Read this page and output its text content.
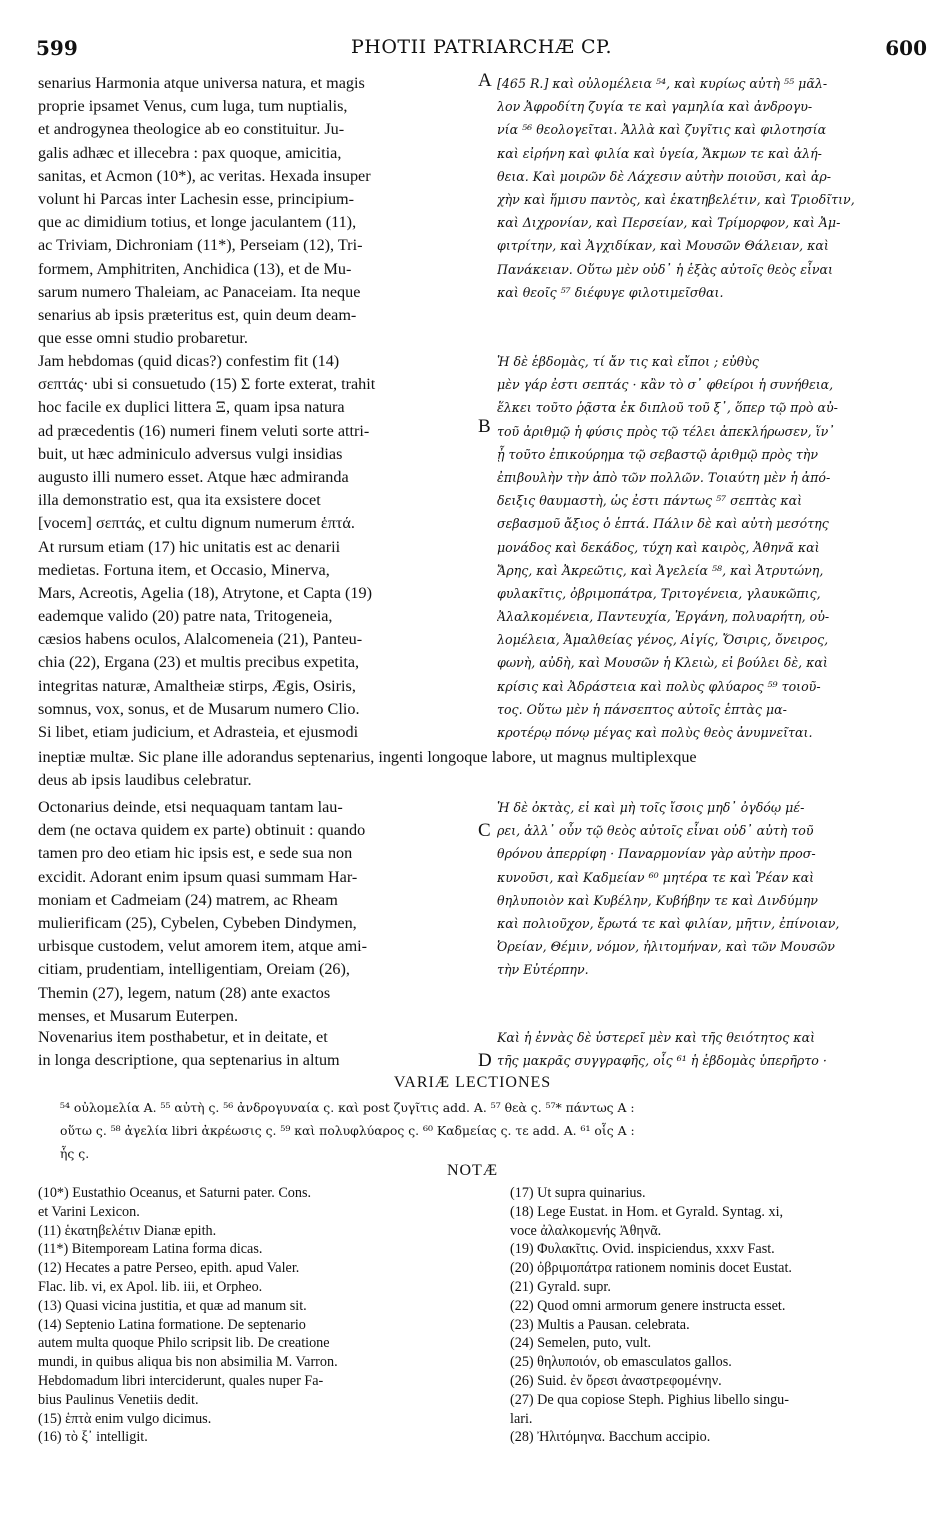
599	PHOTII PATRIARCHÆ CP.	600
A
B
C
D
senarius Harmonia atque universa natura, et magis
proprie ipsamet Venus, cum luga, tum nuptialis,
et androgynea theologice ab eo constituitur. Ju-
galis adhæc et illecebra : pax quoque, amicitia,
sanitas, et Acmon (10*), ac veritas. Hexada insuper
volunt hi Parcas inter Lachesin esse, principium-
que ac dimidium totius, et longe jaculantem (11),
ac Triviam, Dichroniam (11*), Perseiam (12), Tri-
formem, Amphitriten, Anchidica (13), et de Mu-
sarum numero Thaleiam, ac Panaceiam. Ita neque
senarius ab ipsis præteritus est, quin deum deam-
que esse omni studio probaretur.
[465 R.] καὶ οὐλομέλεια ⁵⁴, καὶ κυρίως αὐτὴ ⁵⁵ μᾶλ-
λον Ἀφροδίτη ζυγία τε καὶ γαμηλία καὶ ἀνδρογυ-
νία ⁵⁶ θεολογεῖται. Ἀλλὰ καὶ ζυγῖτις καὶ φιλοτησία
καὶ εἰρήνη καὶ φιλία καὶ ὑγεία, Ἄκμων τε καὶ ἀλή-
θεια. Καὶ μοιρῶν δὲ Λάχεσιν αὐτὴν ποιοῦσι, καὶ ἀρ-
χὴν καὶ ἥμισυ παντὸς, καὶ ἑκατηβελέτιν, καὶ Τριοδῖτιν,
καὶ Διχρονίαν, καὶ Περσείαν, καὶ Τρίμορφον, καὶ Ἀμ-
φιτρίτην, καὶ Ἀγχιδίκαν, καὶ Μουσῶν Θάλειαν, καὶ
Πανάκειαν. Οὕτω μὲν οὐδ᾽ ἡ ἑξὰς αὐτοῖς θεὸς εἶναι
καὶ θεοῖς ⁵⁷ διέφυγε φιλοτιμεῖσθαι.
Jam hebdomas (quid dicas?) confestim fit (14)
σεπτάς· ubi si consuetudo (15) Σ forte exterat, trahit
hoc facile ex duplici littera Ξ, quam ipsa natura
ad præcedentis (16) numeri finem veluti sorte attri-
buit, ut hæc adminiculo adversus vulgi insidias
augusto illi numero esset. Atque hæc admiranda
illa demonstratio est, qua ita exsistere docet
[vocem] σεπτάς, et cultu dignum numerum ἑπτά.
At rursum etiam (17) hic unitatis est ac denarii
medietas. Fortuna item, et Occasio, Minerva,
Mars, Acreotis, Agelia (18), Atrytone, et Capta (19)
eademque valido (20) patre nata, Tritogeneia,
cæsios habens oculos, Alalcomeneia (21), Panteu-
chia (22), Ergana (23) et multis precibus expetita,
integritas naturæ, Amaltheiæ stirps, Ægis, Osiris,
somnus, vox, sonus, et de Musarum numero Clio.
Si libet, etiam judicium, et Adrasteia, et ejusmodi
Ἡ δὲ ἑβδομὰς, τί ἄν τις καὶ εἴποι ; εὐθὺς
μὲν γάρ ἐστι σεπτάς · κἂν τὸ σ᾽ φθείροι ἡ συνήθεια,
ἕλκει τοῦτο ῥᾷστα ἐκ διπλοῦ τοῦ ξ᾽, ὅπερ τῷ πρὸ αὐ-
τοῦ ἀριθμῷ ἡ φύσις πρὸς τῷ τέλει ἀπεκλήρωσεν, ἵν᾽
ᾖ τοῦτο ἐπικούρημα τῷ σεβαστῷ ἀριθμῷ πρὸς τὴν
ἐπιβουλὴν τὴν ἀπὸ τῶν πολλῶν. Τοιαύτη μὲν ἡ ἀπό-
δειξις θαυμαστὴ, ὡς ἐστι πάντως ⁵⁷ σεπτὰς καὶ
σεβασμοῦ ἄξιος ὁ ἑπτά. Πάλιν δὲ καὶ αὐτὴ μεσότης
μονάδος καὶ δεκάδος, τύχη καὶ καιρὸς, Ἀθηνᾶ καὶ
Ἄρης, καὶ Ἀκρεῶτις, καὶ Ἀγελεία ⁵⁸, καὶ Ἀτρυτώνη,
φυλακῖτις, ὀβριμοπάτρα, Τριτογένεια, γλαυκῶπις,
Ἀλαλκομένεια, Παντευχία, Ἐργάνη, πολυαρήτη, οὐ-
λομέλεια, Ἀμαλθείας γένος, Αἰγίς, Ὄσιρις, ὄνειρος,
φωνὴ, αὐδὴ, καὶ Μουσῶν ἡ Κλειὼ, εἰ βούλει δὲ, καὶ
κρίσις καὶ Ἀδράστεια καὶ πολὺς φλύαρος ⁵⁹ τοιοῦ-
τος. Οὕτω μὲν ἡ πάνσεπτος αὐτοῖς ἑπτὰς μα-
κροτέρῳ πόνῳ μέγας καὶ πολὺς θεὸς ἀνυμνεῖται.
ineptiæ multæ. Sic plane ille adorandus septenarius, ingenti longoque labore, ut magnus multiplexque
deus ab ipsis laudibus celebratur.
Octonarius deinde, etsi nequaquam tantam lau-
dem (ne octava quidem ex parte) obtinuit : quando
tamen pro deo etiam hic ipsis est, e sede sua non
excidit. Adorant enim ipsum quasi summam Har-
moniam et Cadmeiam (24) matrem, ac Rheam
mulierificam (25), Cybelen, Cybeben Dindymen,
urbisque custodem, velut amorem item, atque ami-
citiam, prudentiam, intelligentiam, Oreiam (26),
Themin (27), legem, natum (28) ante exactos
menses, et Musarum Euterpen.
Ἡ δὲ ὀκτὰς, εἰ καὶ μὴ τοῖς ἴσοις μηδ᾽ ὀγδόῳ μέ-
ρει, ἀλλ᾽ οὖν τῷ θεὸς αὐτοῖς εἶναι οὐδ᾽ αὐτὴ τοῦ
θρόνου ἀπερρίφη · Παναρμονίαν γὰρ αὐτὴν προσ-
κυνοῦσι, καὶ Καδμείαν ⁶⁰ μητέρα τε καὶ Ῥέαν καὶ
θηλυποιὸν καὶ Κυβέλην, Κυβήβην τε καὶ Δινδύμην
καὶ πολιοῦχον, ἔρωτά τε καὶ φιλίαν, μῆτιν, ἐπίνοιαν,
Ὀρείαν, Θέμιν, νόμον, ἠλιτομήναν, καὶ τῶν Μουσῶν
τὴν Εὐτέρπην.
Novenarius item posthabetur, et in deitate, et
in longa descriptione, qua septenarius in altum
Καὶ ἡ ἐννὰς δὲ ὑστερεῖ μὲν καὶ τῆς θειότητος καὶ
τῆς μακρᾶς συγγραφῆς, οἷς ⁶¹ ἡ ἑβδομὰς ὑπερῆρτο ·
VARIÆ LECTIONES
⁵⁴ οὐλομελία A. ⁵⁵ αὐτὴ ς. ⁵⁶ ἀνδρογυναία ς. καὶ post ζυγῖτις add. A. ⁵⁷ θεὰ ς. ⁵⁷* πάντως A :
οὕτω ς. ⁵⁸ ἀγελία libri ἀκρέωσις ς. ⁵⁹ καὶ πολυφλύαρος ς. ⁶⁰ Καδμείας ς. τε add. A. ⁶¹ οἷς A :
ἧς ς.
NOTÆ
(10*) Eustathio Oceanus, et Saturni pater. Cons.
et Varini Lexicon.
(11) ἑκατηβελέτιν Dianæ epith.
(11*) Bitempoream Latina forma dicas.
(12) Hecates a patre Perseo, epith. apud Valer.
Flac. lib. vi, ex Apol. lib. iii, et Orpheo.
(13) Quasi vicina justitia, et quæ ad manum sit.
(14) Septenio Latina formatione. De septenario
autem multa quoque Philo scripsit lib. De creatione
mundi, in quibus aliqua bis non absimilia M. Varron.
Hebdomadum libri interciderunt, quales nuper Fa-
bius Paulinus Venetiis dedit.
(15) ἑπτὰ enim vulgo dicimus.
(16) τὸ ξ᾽ intelligit.
(17) Ut supra quinarius.
(18) Lege Eustat. in Hom. et Gyrald. Syntag. xi,
voce ἀλαλκομενής Ἀθηνᾶ.
(19) Φυλακῖτις. Ovid. inspiciendus, xxxv Fast.
(20) ὀβριμοπάτρα rationem nominis docet Eustat.
(21) Gyrald. supr.
(22) Quod omni armorum genere instructa esset.
(23) Multis a Pausan. celebrata.
(24) Semelen, puto, vult.
(25) θηλυποιόν, ob emasculatos gallos.
(26) Suid. ἐν ὄρεσι ἀναστρεφομένην.
(27) De qua copiose Steph. Pighius libello singu-
lari.
(28) Ἠλιτόμηνα. Bacchum accipio.
